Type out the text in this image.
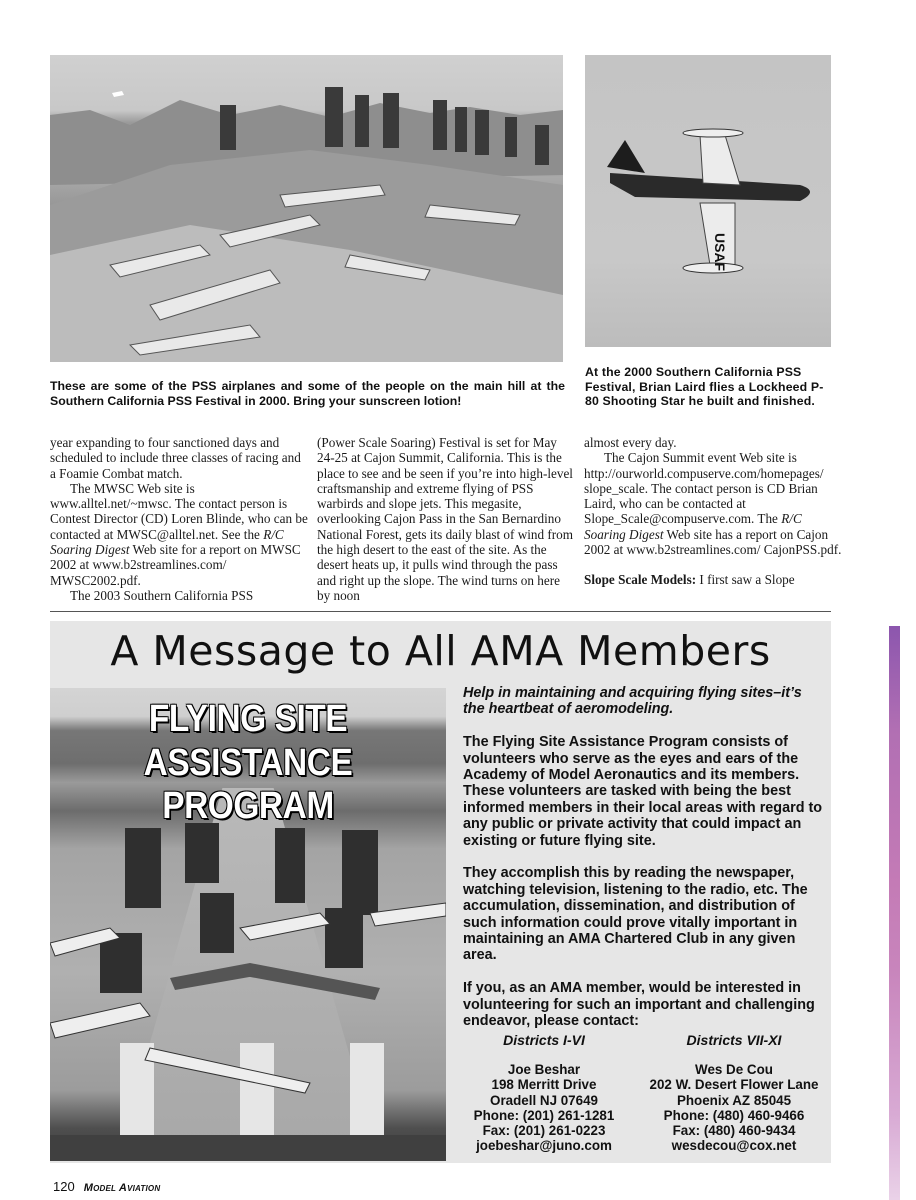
USAF
These are some of the PSS airplanes and some of the people on the main hill at the Southern California PSS Festival in 2000. Bring your sunscreen lotion!
At the 2000 Southern California PSS Festival, Brian Laird flies a Lockheed P-80 Shooting Star he built and finished.

year expanding to four sanctioned days and scheduled to include three classes of racing and a Foamie Combat match.

The MWSC Web site is www.alltel.net/~mwsc. The contact person is Contest Director (CD) Loren Blinde, who can be contacted at MWSC@alltel.net. See the R/C Soaring Digest Web site for a report on MWSC 2002 at www.b2streamlines.com/ MWSC2002.pdf.

The 2003 Southern California PSS

(Power Scale Soaring) Festival is set for May 24-25 at Cajon Summit, California. This is the place to see and be seen if you’re into high-level craftsmanship and extreme flying of PSS warbirds and slope jets. This megasite, overlooking Cajon Pass in the San Bernardino National Forest, gets its daily blast of wind from the high desert to the east of the site. As the desert heats up, it pulls wind through the pass and right up the slope. The wind turns on here by noon

almost every day.

The Cajon Summit event Web site is http://ourworld.compuserve.com/homepages/ slope_scale. The contact person is CD Brian Laird, who can be contacted at Slope_Scale@compuserve.com. The R/C Soaring Digest Web site has a report on Cajon 2002 at www.b2streamlines.com/ CajonPSS.pdf.

Slope Scale Models: I first saw a Slope

A Message to All AMA Members
FLYING SITE
ASSISTANCE PROGRAM

Help in maintaining and acquiring flying sites–it’s the heartbeat of aeromodeling.

The Flying Site Assistance Program consists of volunteers who serve as the eyes and ears of the Academy of Model Aeronautics and its members. These volunteers are tasked with being the best informed members in their local areas with regard to any public or private activity that could impact an existing or future flying site.

They accomplish this by reading the newspaper, watching television, listening to the radio, etc. The accumulation, dissemination, and distribution of such information could prove vitally important in maintaining an AMA Chartered Club in any given area.

If you, as an AMA member, would be interested in volunteering for such an important and challenging endeavor, please contact:

Districts I-VI
Joe Beshar
198 Merritt Drive
Oradell NJ 07649
Phone: (201) 261-1281
Fax: (201) 261-0223
joebeshar@juno.com
Districts VII-XI
Wes De Cou
202 W. Desert Flower Lane
Phoenix AZ 85045
Phone: (480) 460-9466
Fax: (480) 460-9434
wesdecou@cox.net
120 Model Aviation
